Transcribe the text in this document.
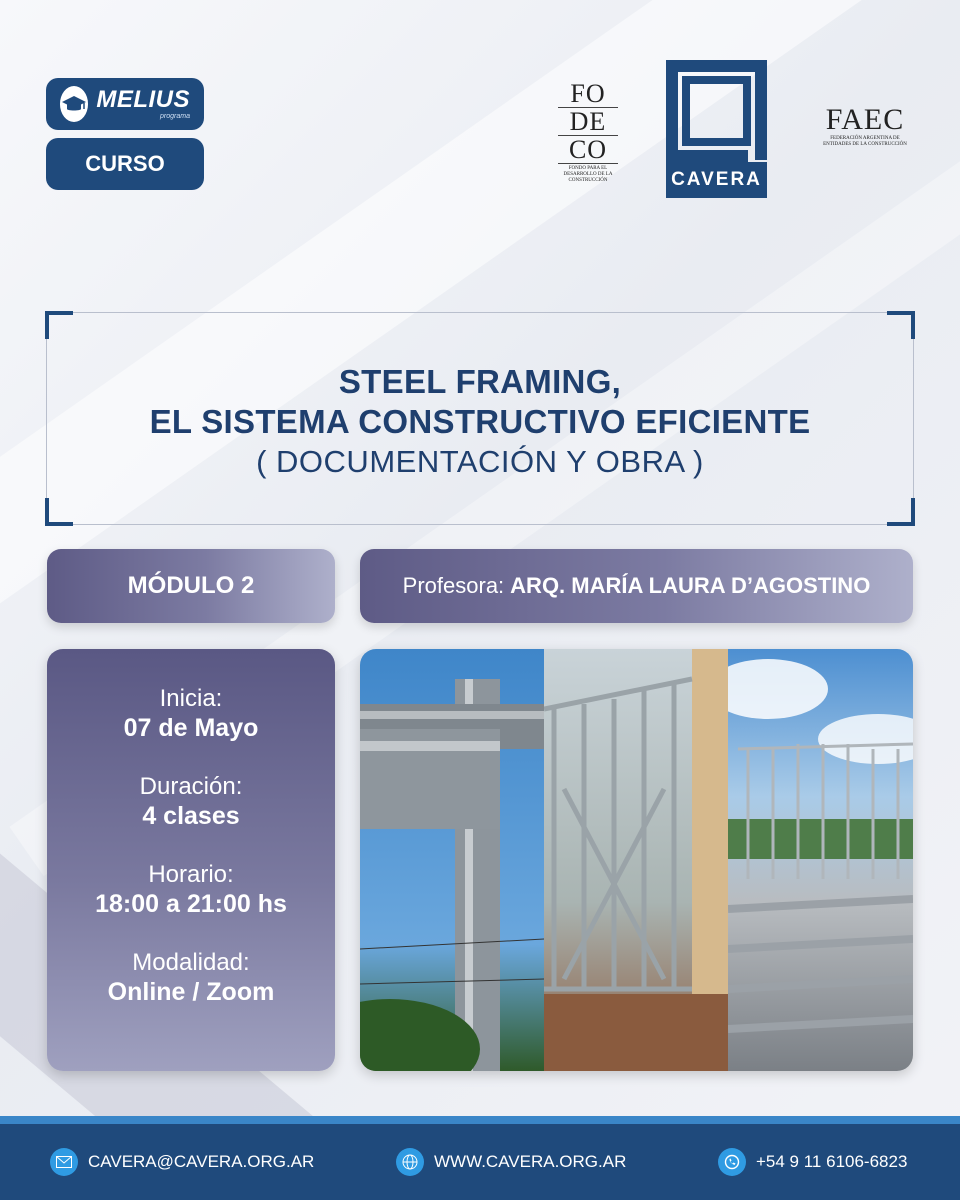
MELIUS
programa
CURSO
FO
DE
CO
FONDO PARA EL DESARROLLO DE LA CONSTRUCCIÓN	CAVERA
FAEC
FEDERACIÓN ARGENTINA DE ENTIDADES DE LA CONSTRUCCIÓN
STEEL FRAMING,
EL SISTEMA CONSTRUCTIVO EFICIENTE
( DOCUMENTACIÓN Y OBRA )
MÓDULO 2	Profesora: ARQ. MARÍA LAURA D’AGOSTINO
Inicia:
07 de Mayo
Duración:
4 clases
Horario:
18:00 a 21:00 hs
Modalidad:
Online / Zoom
CAVERA@CAVERA.ORG.AR	WWW.CAVERA.ORG.AR	+54 9 11 6106-6823
